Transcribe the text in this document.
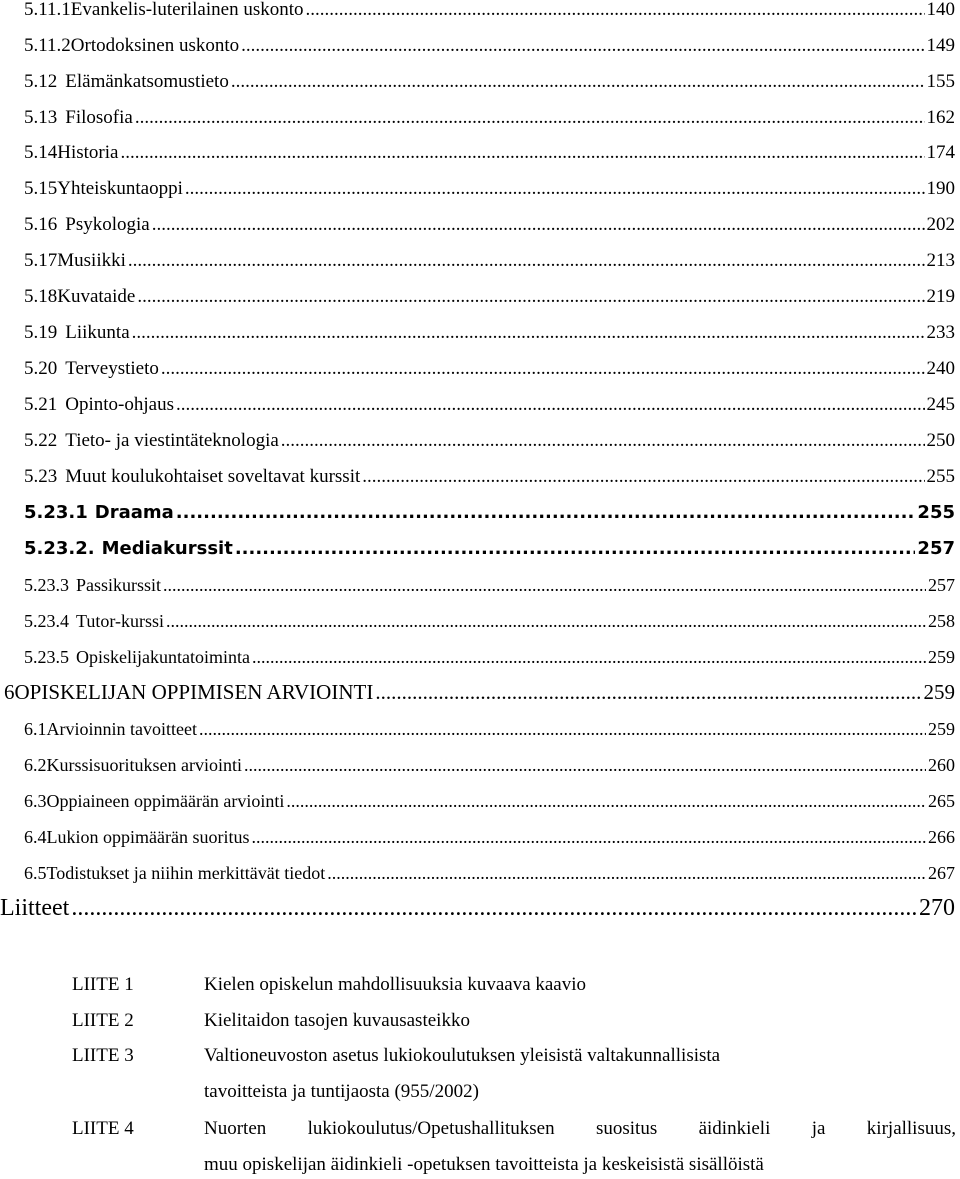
5.11.1 Evankelis-luterilainen uskonto .....	140
5.11.2 Ortodoksinen uskonto .....	149
5.12 Elämänkatsomustieto .....	155
5.13 Filosofia .....	162
5.14 Historia .....	174
5.15 Yhteiskuntaoppi .....	190
5.16 Psykologia .....	202
5.17 Musiikki .....	213
5.18 Kuvataide .....	219
5.19 Liikunta .....	233
5.20 Terveystieto .....	240
5.21 Opinto-ohjaus .....	245
5.22 Tieto- ja viestintäteknologia .....	250
5.23 Muut koulukohtaiset soveltavat kurssit .....	255
5.23.1 Draama .....	255
5.23.2. Mediakurssit .....	257
5.23.3 Passikurssit .....	257
5.23.4 Tutor-kurssi .....	258
5.23.5 Opiskelijakuntatoiminta .....	259
6 OPISKELIJAN OPPIMISEN ARVIOINTI .....	259
6.1 Arvioinnin tavoitteet .....	259
6.2 Kurssisuorituksen arviointi .....	260
6.3 Oppiaineen oppimäärän arviointi .....	265
6.4 Lukion oppimäärän suoritus .....	266
6.5 Todistukset ja niihin merkittävät tiedot .....	267
Liitteet .....	270
LIITE 1	Kielen opiskelun mahdollisuuksia kuvaava kaavio
LIITE 2	Kielitaidon tasojen kuvausasteikko
LIITE 3	Valtioneuvoston asetus lukiokoulutuksen yleisistä valtakunnallisista
tavoitteista ja tuntijaosta (955/2002)
LIITE 4	Nuorten lukiokoulutus/Opetushallituksen suositus äidinkieli ja kirjallisuus,
muu opiskelijan äidinkieli -opetuksen tavoitteista ja keskeisistä sisällöistä
